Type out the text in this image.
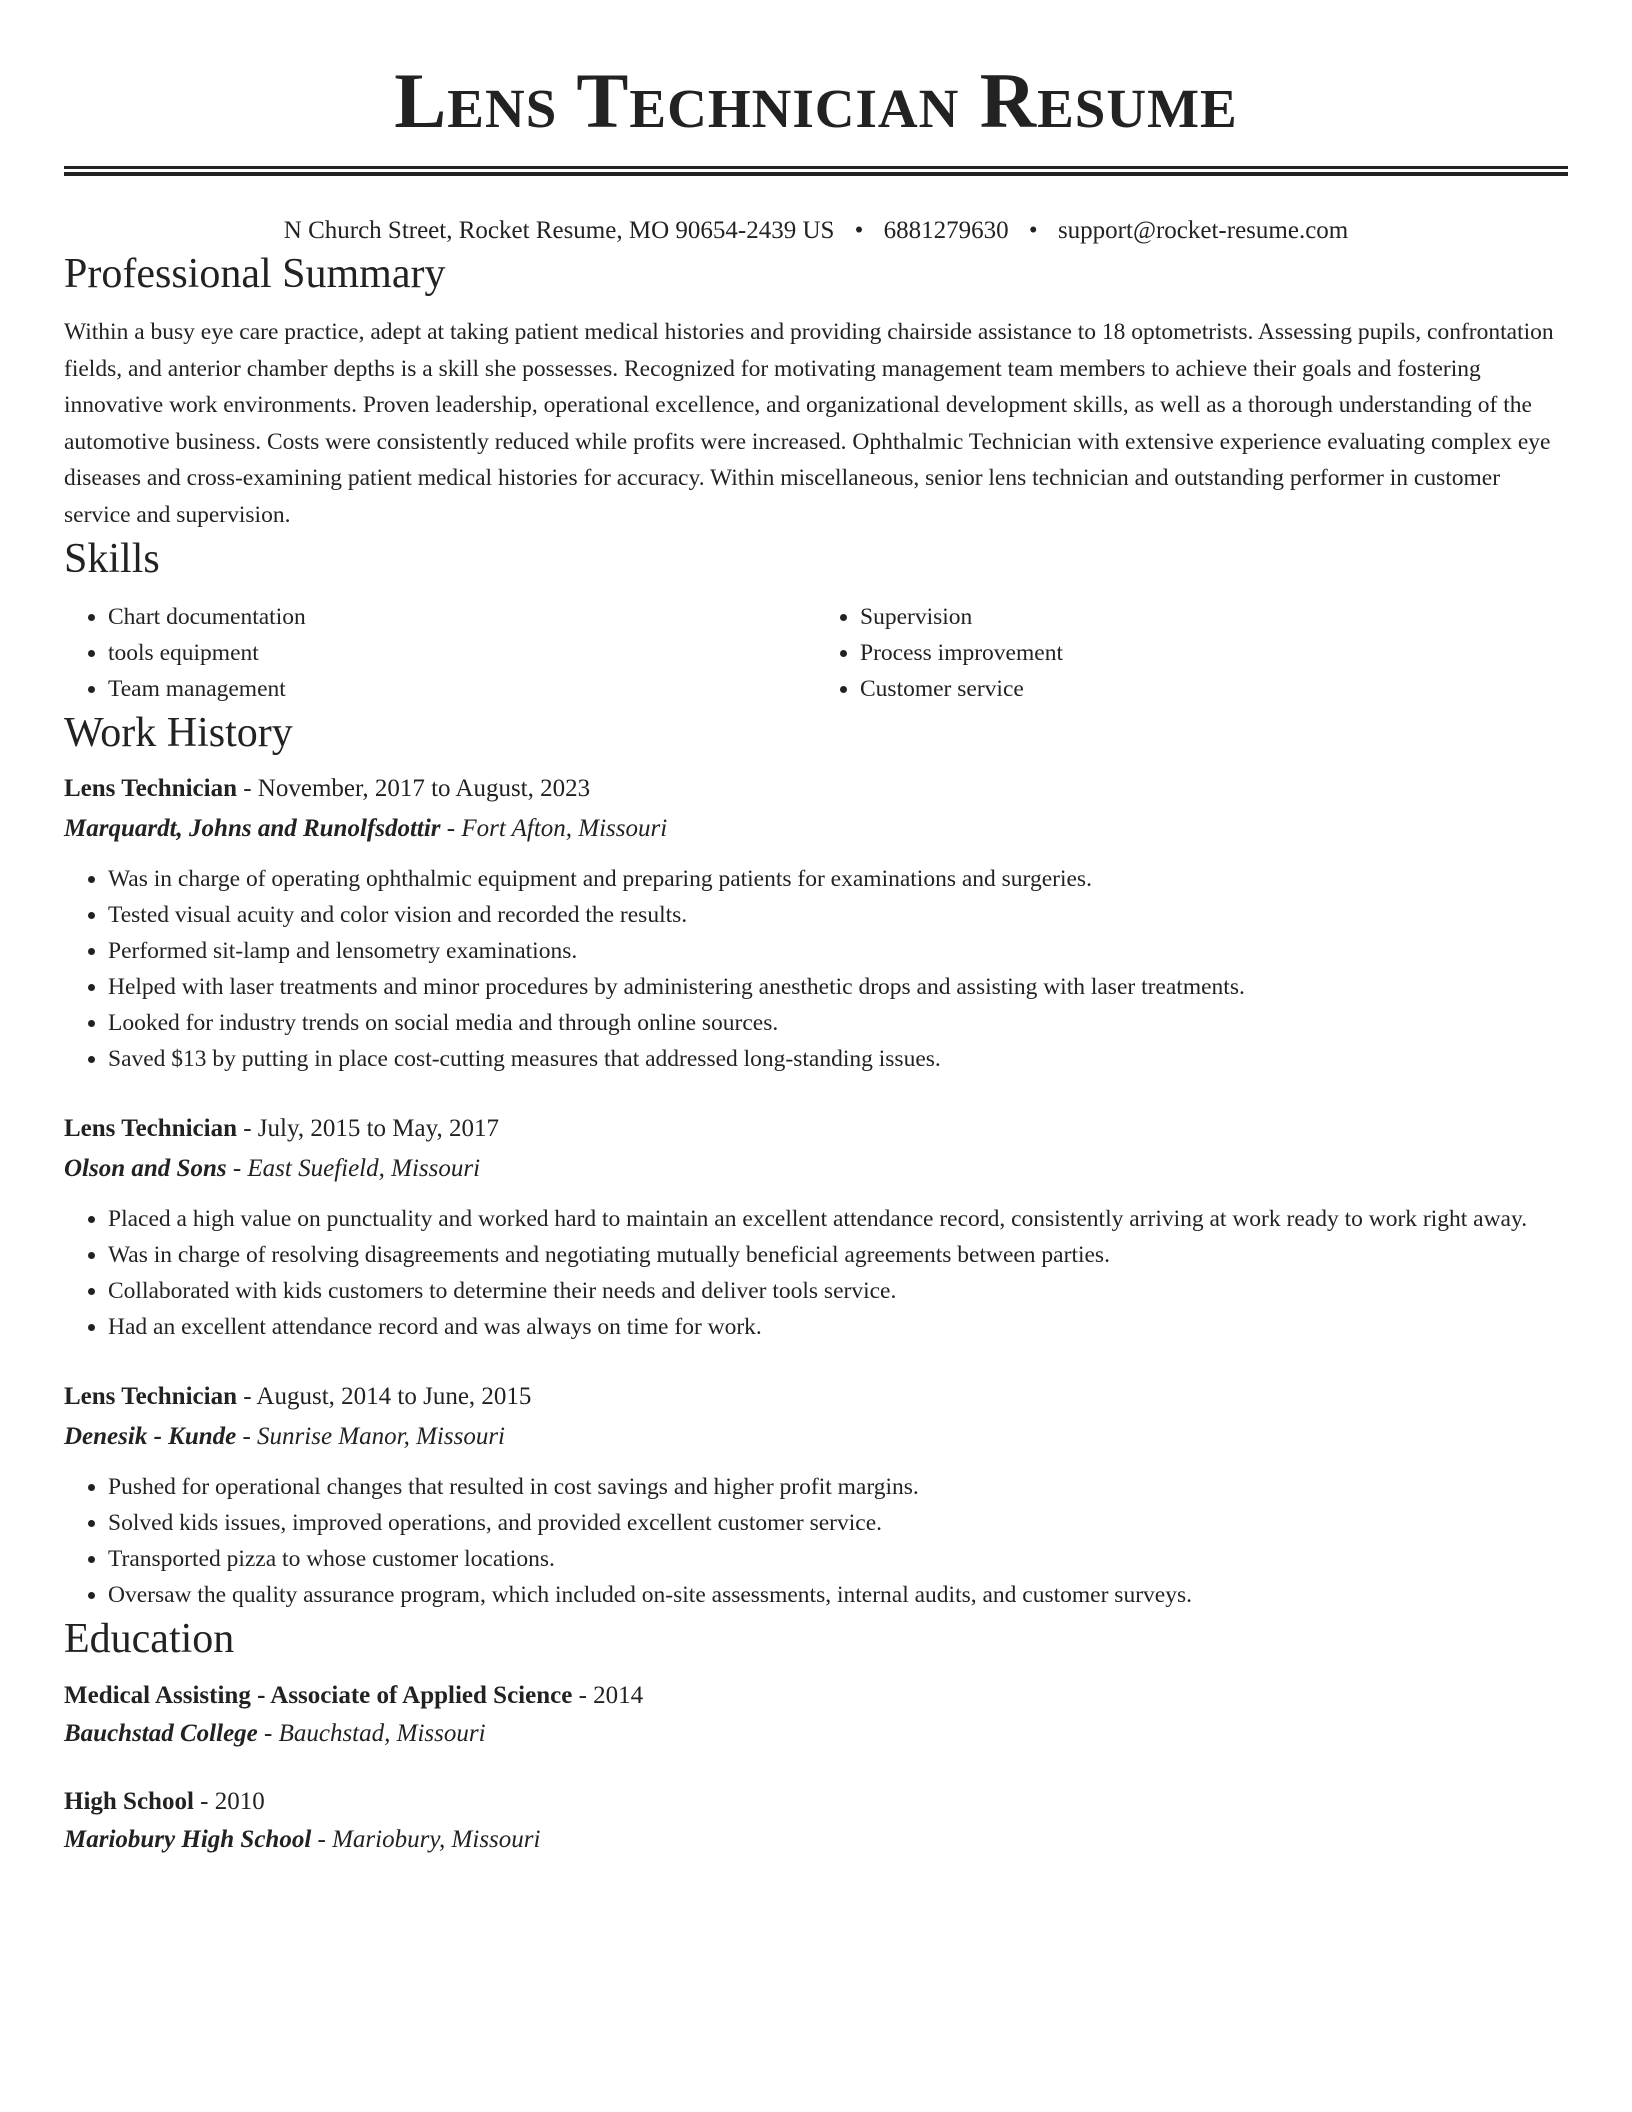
Lens Technician Resume
N Church Street, Rocket Resume, MO 90654-2439 US • 6881279630 • support@rocket-resume.com
Professional Summary
Within a busy eye care practice, adept at taking patient medical histories and providing chairside assistance to 18 optometrists. Assessing pupils, confrontation fields, and anterior chamber depths is a skill she possesses. Recognized for motivating management team members to achieve their goals and fostering innovative work environments. Proven leadership, operational excellence, and organizational development skills, as well as a thorough understanding of the automotive business. Costs were consistently reduced while profits were increased. Ophthalmic Technician with extensive experience evaluating complex eye diseases and cross-examining patient medical histories for accuracy. Within miscellaneous, senior lens technician and outstanding performer in customer service and supervision.
Skills
• Chart documentation
• tools equipment
• Team management
• Supervision
• Process improvement
• Customer service
Work History
Lens Technician - November, 2017 to August, 2023
Marquardt, Johns and Runolfsdottir - Fort Afton, Missouri
• Was in charge of operating ophthalmic equipment and preparing patients for examinations and surgeries.
• Tested visual acuity and color vision and recorded the results.
• Performed sit-lamp and lensometry examinations.
• Helped with laser treatments and minor procedures by administering anesthetic drops and assisting with laser treatments.
• Looked for industry trends on social media and through online sources.
• Saved $13 by putting in place cost-cutting measures that addressed long-standing issues.
Lens Technician - July, 2015 to May, 2017
Olson and Sons - East Suefield, Missouri
• Placed a high value on punctuality and worked hard to maintain an excellent attendance record, consistently arriving at work ready to work right away.
• Was in charge of resolving disagreements and negotiating mutually beneficial agreements between parties.
• Collaborated with kids customers to determine their needs and deliver tools service.
• Had an excellent attendance record and was always on time for work.
Lens Technician - August, 2014 to June, 2015
Denesik - Kunde - Sunrise Manor, Missouri
• Pushed for operational changes that resulted in cost savings and higher profit margins.
• Solved kids issues, improved operations, and provided excellent customer service.
• Transported pizza to whose customer locations.
• Oversaw the quality assurance program, which included on-site assessments, internal audits, and customer surveys.
Education
Medical Assisting - Associate of Applied Science - 2014
Bauchstad College - Bauchstad, Missouri
High School - 2010
Mariobury High School - Mariobury, Missouri
